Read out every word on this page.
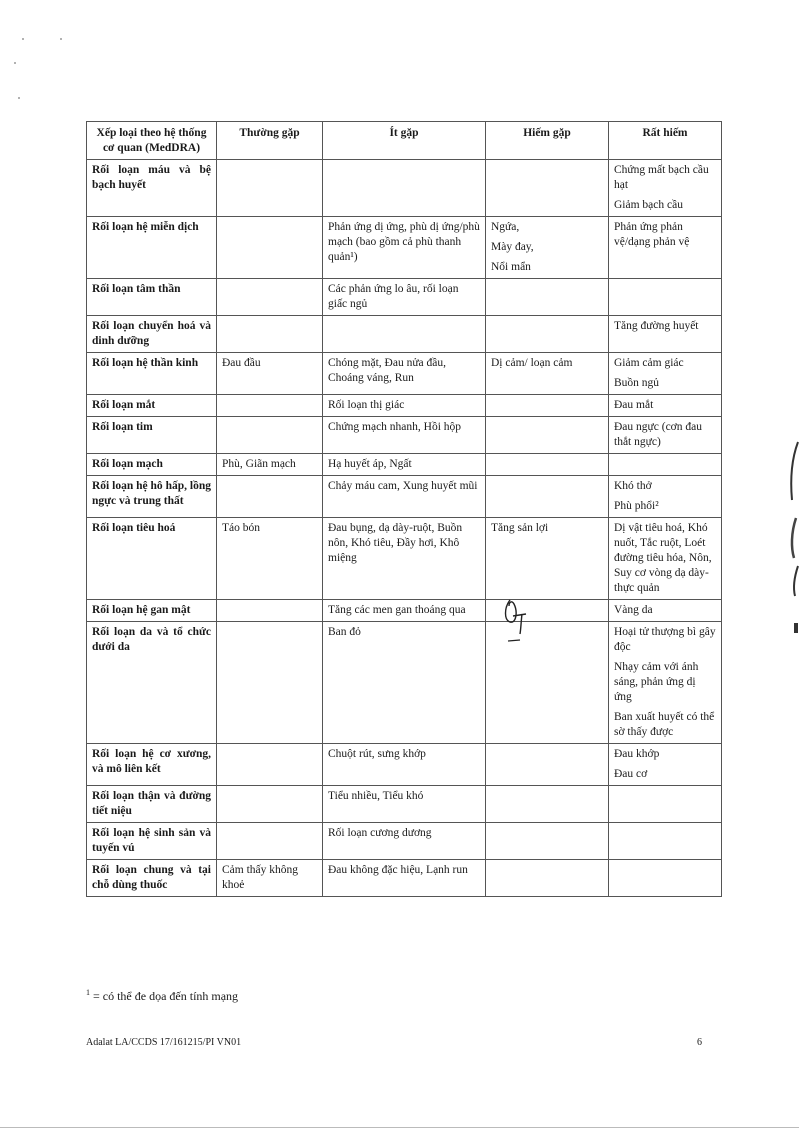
Xếp loại theo hệ thống cơ quan (MedDRA)	Thường gặp	Ít gặp	Hiếm gặp	Rất hiếm
Rối loạn máu và bệ bạch huyết				Chứng mất bạch cầu hạt

Giảm bạch cầu

Rối loạn hệ miễn dịch		Phản ứng dị ứng, phù dị ứng/phù mạch (bao gồm cả phù thanh quản¹)	Ngứa,

Mày đay,

Nổi mẩn	Phản ứng phản vệ/dạng phản vệ

Rối loạn tâm thần		Các phản ứng lo âu, rối loạn giấc ngủ		

Rối loạn chuyển hoá và dinh dưỡng				Tăng đường huyết

Rối loạn hệ thần kinh	Đau đầu	Chóng mặt, Đau nửa đầu, Choáng váng, Run	Dị cảm/ loạn cảm	Giảm cảm giác

Buồn ngủ

Rối loạn mắt		Rối loạn thị giác		Đau mắt

Rối loạn tim		Chứng mạch nhanh, Hồi hộp		Đau ngực (cơn đau thắt ngực)

Rối loạn mạch	Phù, Giãn mạch	Hạ huyết áp, Ngất		

Rối loạn hệ hô hấp, lồng ngực và trung thất		Chảy máu cam, Xung huyết mũi		Khó thở

Phù phổi²

Rối loạn tiêu hoá	Táo bón	Đau bụng, dạ dày-ruột, Buồn nôn, Khó tiêu, Đầy hơi, Khô miệng	Tăng sản lợi	Dị vật tiêu hoá, Khó nuốt, Tắc ruột, Loét đường tiêu hóa, Nôn, Suy cơ vòng dạ dày-thực quản

Rối loạn hệ gan mật		Tăng các men gan thoáng qua		Vàng da

Rối loạn da và tổ chức dưới da		Ban đỏ		Hoại tử thượng bì gây độc

Nhạy cảm với ánh sáng, phản ứng dị ứng

Ban xuất huyết có thể sờ thấy được

Rối loạn hệ cơ xương, và mô liên kết		Chuột rút, sưng khớp		Đau khớp

Đau cơ

Rối loạn thận và đường tiết niệu		Tiểu nhiều, Tiểu khó		

Rối loạn hệ sinh sản và tuyến vú		Rối loạn cương dương		

Rối loạn chung và tại chỗ dùng thuốc	Cảm thấy không khoẻ	Đau không đặc hiệu, Lạnh run		

$^1$ = có thể đe dọa đến tính mạng
Adalat LA/CCDS 17/161215/PI VN01	6
